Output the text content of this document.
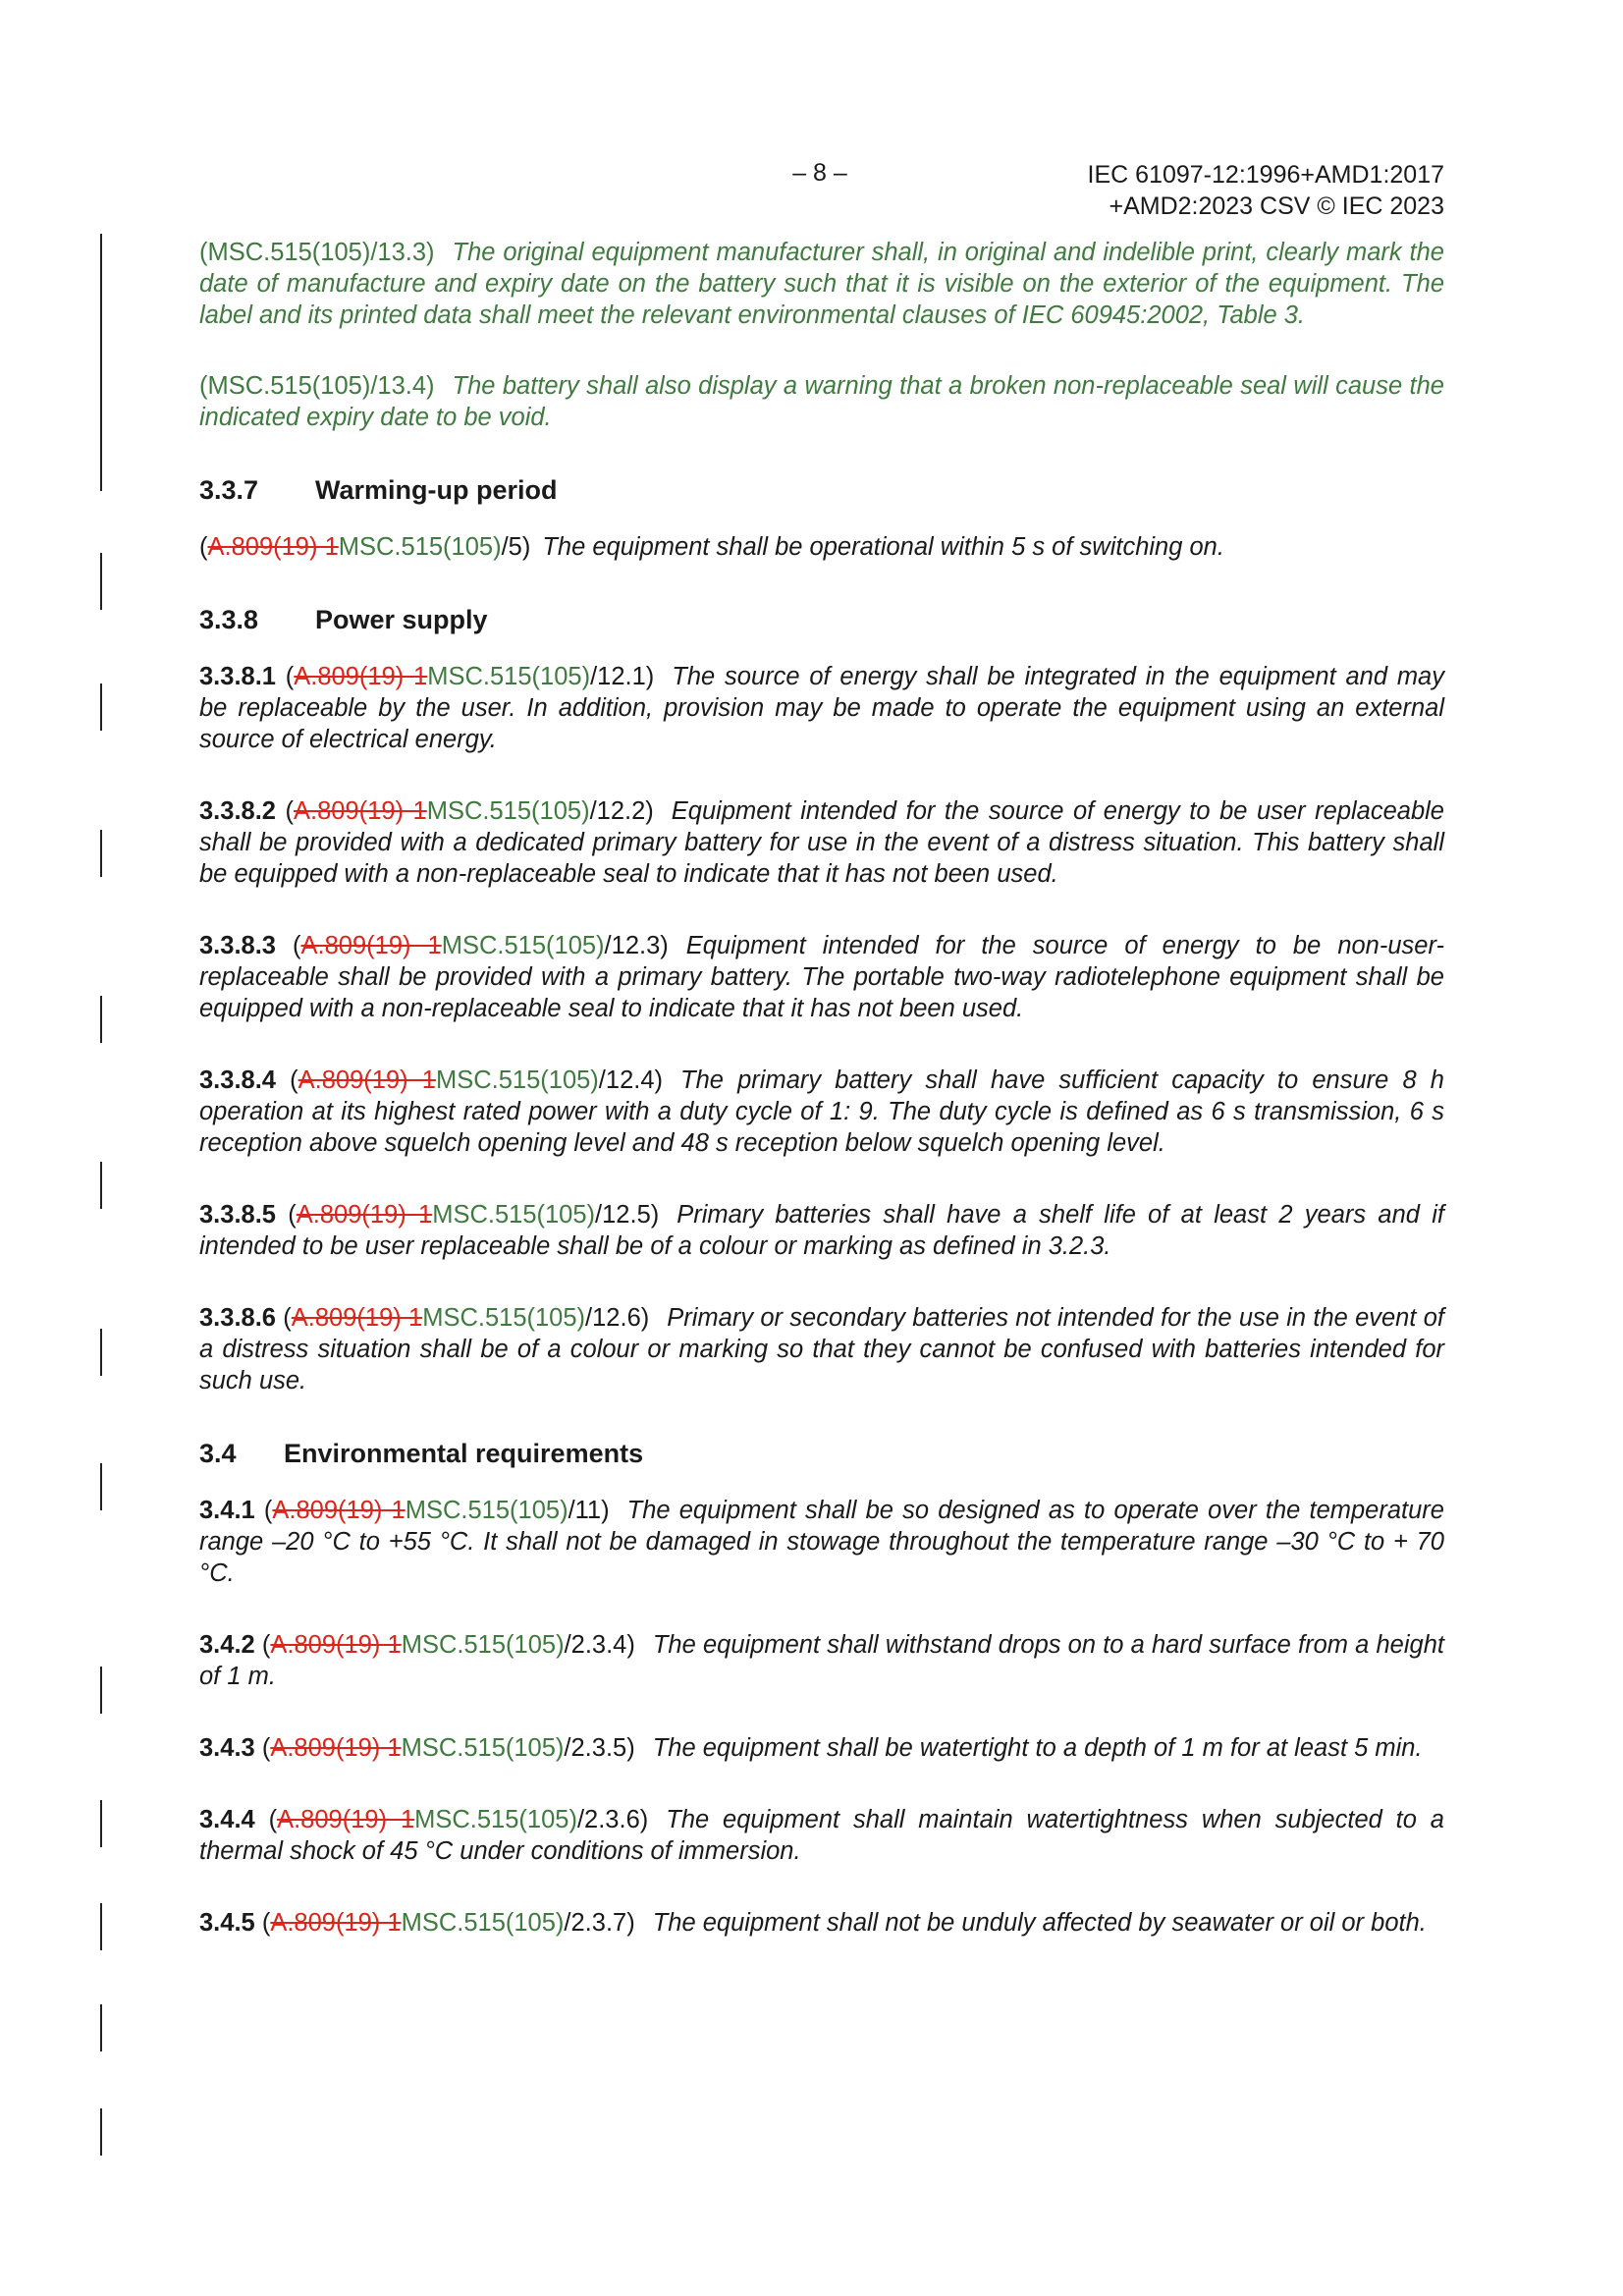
– 8 –	IEC 61097-12:1996+AMD1:2017
+AMD2:2023 CSV © IEC 2023
(MSC.515(105)/13.3) The original equipment manufacturer shall, in original and indelible print, clearly mark the date of manufacture and expiry date on the battery such that it is visible on the exterior of the equipment. The label and its printed data shall meet the relevant environmental clauses of IEC 60945:2002, Table 3.
(MSC.515(105)/13.4) The battery shall also display a warning that a broken non-replaceable seal will cause the indicated expiry date to be void.
3.3.7 Warming-up period
(A.809(19) 1MSC.515(105)/5) The equipment shall be operational within 5 s of switching on.
3.3.8 Power supply
3.3.8.1 (A.809(19) 1MSC.515(105)/12.1) The source of energy shall be integrated in the equipment and may be replaceable by the user. In addition, provision may be made to operate the equipment using an external source of electrical energy.
3.3.8.2 (A.809(19) 1MSC.515(105)/12.2) Equipment intended for the source of energy to be user replaceable shall be provided with a dedicated primary battery for use in the event of a distress situation. This battery shall be equipped with a non-replaceable seal to indicate that it has not been used.
3.3.8.3 (A.809(19) 1MSC.515(105)/12.3) Equipment intended for the source of energy to be non-user-replaceable shall be provided with a primary battery. The portable two-way radiotelephone equipment shall be equipped with a non-replaceable seal to indicate that it has not been used.
3.3.8.4 (A.809(19) 1MSC.515(105)/12.4) The primary battery shall have sufficient capacity to ensure 8 h operation at its highest rated power with a duty cycle of 1: 9. The duty cycle is defined as 6 s transmission, 6 s reception above squelch opening level and 48 s reception below squelch opening level.
3.3.8.5 (A.809(19) 1MSC.515(105)/12.5) Primary batteries shall have a shelf life of at least 2 years and if intended to be user replaceable shall be of a colour or marking as defined in 3.2.3.
3.3.8.6 (A.809(19) 1MSC.515(105)/12.6) Primary or secondary batteries not intended for the use in the event of a distress situation shall be of a colour or marking so that they cannot be confused with batteries intended for such use.
3.4 Environmental requirements
3.4.1 (A.809(19) 1MSC.515(105)/11) The equipment shall be so designed as to operate over the temperature range –20 °C to +55 °C. It shall not be damaged in stowage throughout the temperature range –30 °C to + 70 °C.
3.4.2 (A.809(19) 1MSC.515(105)/2.3.4) The equipment shall withstand drops on to a hard surface from a height of 1 m.
3.4.3 (A.809(19) 1MSC.515(105)/2.3.5) The equipment shall be watertight to a depth of 1 m for at least 5 min.
3.4.4 (A.809(19) 1MSC.515(105)/2.3.6) The equipment shall maintain watertightness when subjected to a thermal shock of 45 °C under conditions of immersion.
3.4.5 (A.809(19) 1MSC.515(105)/2.3.7) The equipment shall not be unduly affected by seawater or oil or both.
